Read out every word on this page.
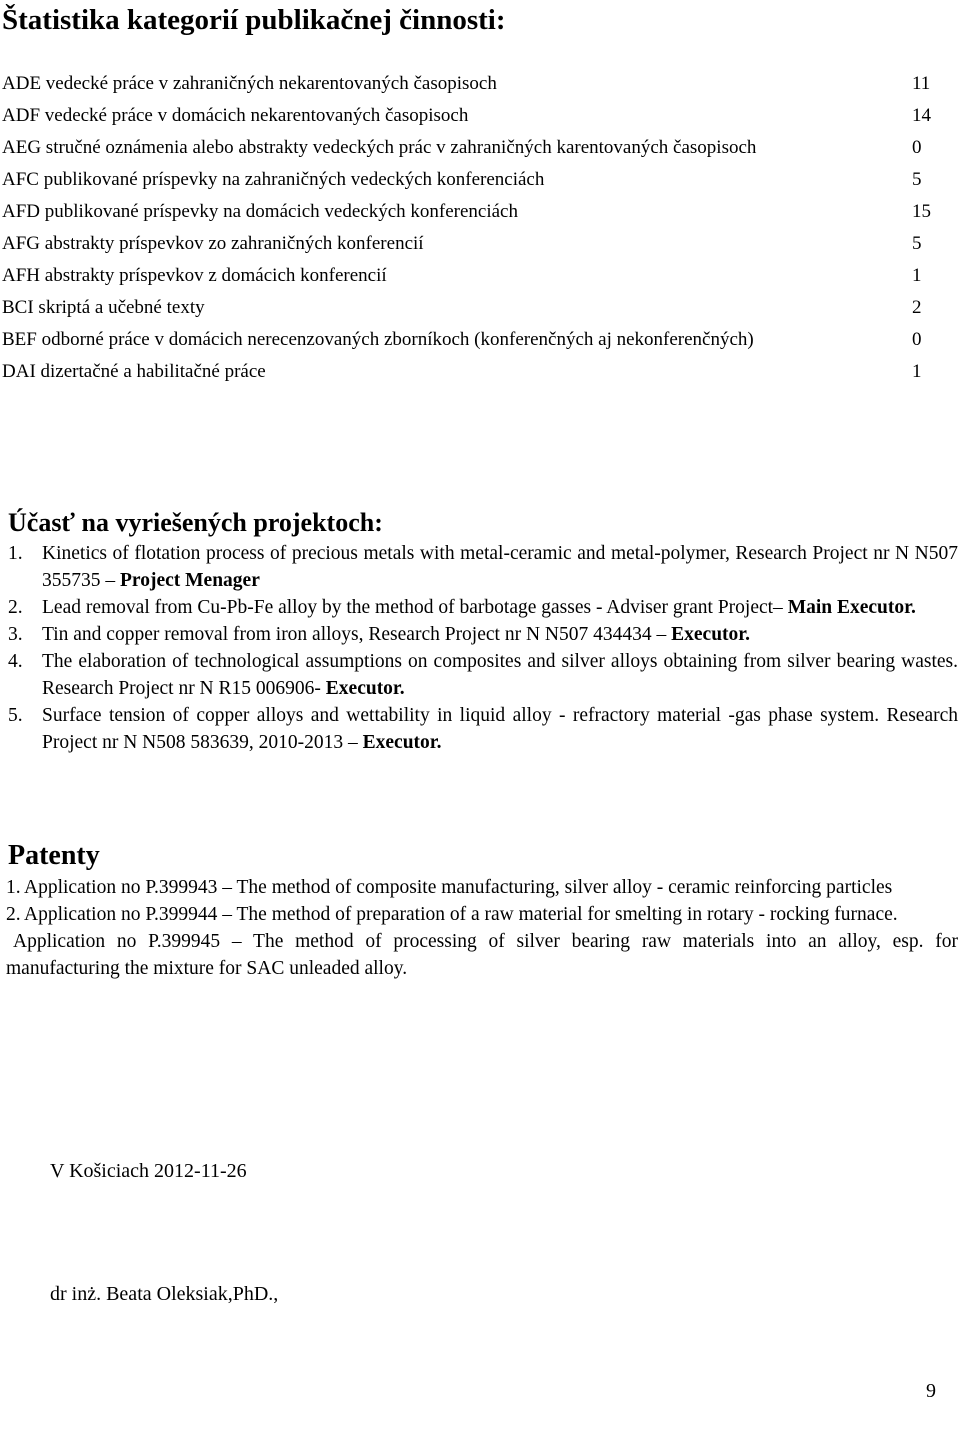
Štatistika kategorií publikačnej činnosti:
ADE vedecké práce v zahraničných nekarentovaných časopisoch	11
ADF vedecké práce v domácich nekarentovaných časopisoch	14
AEG stručné oznámenia alebo abstrakty vedeckých prác v zahraničných karentovaných časopisoch	0
AFC publikované príspevky na zahraničných vedeckých konferenciách	5
AFD publikované príspevky na domácich vedeckých konferenciách	15
AFG abstrakty príspevkov zo zahraničných konferencií	5
AFH abstrakty príspevkov z domácich konferencií	1
BCI skriptá a učebné texty	2
BEF odborné práce v domácich nerecenzovaných zborníkoch (konferenčných aj nekonferenčných)	0
DAI dizertačné a habilitačné práce	1
Účasť na vyriešených projektoch:
1. Kinetics of flotation process of precious metals with metal-ceramic and metal-polymer, Research Project nr N N507 355735 – Project Menager
2. Lead removal from Cu-Pb-Fe alloy by the method of barbotage gasses - Adviser grant Project– Main Executor.
3. Tin and copper removal from iron alloys, Research Project nr N N507 434434 – Executor.
4. The elaboration of technological assumptions on composites and silver alloys obtaining from silver bearing wastes. Research Project nr N R15 006906- Executor.
5. Surface tension of copper alloys and wettability in liquid alloy - refractory material -gas phase system. Research Project nr N N508 583639, 2010-2013 – Executor.
Patenty
1. Application no P.399943 – The method of composite manufacturing, silver alloy - ceramic reinforcing particles
2. Application no P.399944 – The method of preparation of a raw material for smelting in rotary - rocking furnace.
Application no P.399945 – The method of processing of silver bearing raw materials into an alloy, esp. for manufacturing the mixture for SAC unleaded alloy.
V Košiciach 2012-11-26
dr inż. Beata Oleksiak,PhD.,
9
